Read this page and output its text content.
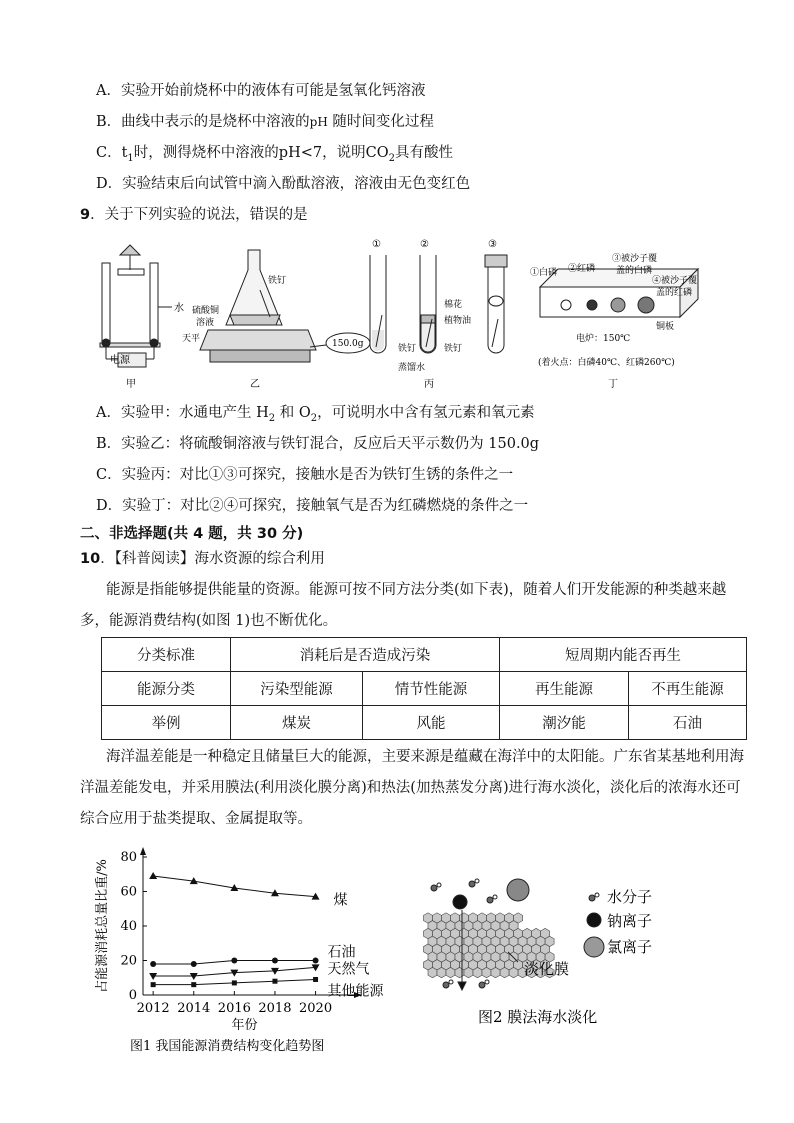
A．实验开始前烧杯中的液体有可能是氢氧化钙溶液
B．曲线中表示的是烧杯中溶液的pH 随时间变化过程
C．$t_1$时，测得烧杯中溶液的pH<7，说明$CO_2$具有酸性
D．实验结束后向试管中滴入酚酞溶液，溶液由无色变红色
9．关于下列实验的说法，错误的是
电源
水
甲
硫酸铜
溶液
铁钉
天平	150.0g
乙
①	②	③
铁钉
棉花
植物油
铁钉
蒸馏水
丙
①白磷 ②红磷
③被沙子覆
盖的白磷
④被沙子覆
盖的红磷
铜板
电炉：150℃
(着火点：白磷40℃、红磷260℃)
丁
A．实验甲：水通电产生 $H_2$ 和 $O_2$，可说明水中含有氢元素和氧元素
B．实验乙：将硫酸铜溶液与铁钉混合，反应后天平示数仍为 150.0g
C．实验丙：对比①③可探究，接触水是否为铁钉生锈的条件之一
D．实验丁：对比②④可探究，接触氧气是否为红磷燃烧的条件之一
二、非选择题(共 4 题，共 30 分)
10．【科普阅读】海水资源的综合利用
能源是指能够提供能量的资源。能源可按不同方法分类(如下表)，随着人们开发能源的种类越来越
多，能源消费结构(如图 1)也不断优化。
分类标准	消耗后是否造成污染		短周期内能否再生	
能源分类	污染型能源	情节性能源	再生能源	不再生能源
举例	煤炭	风能	潮汐能	石油
海洋温差能是一种稳定且储量巨大的能源，主要来源是蕴藏在海洋中的太阳能。广东省某基地利用海
洋温差能发电，并采用膜法(利用淡化膜分离)和热法(加热蒸发分离)进行海水淡化，淡化后的浓海水还可
综合应用于盐类提取、金属提取等。
0
20
40
60
80
2012 2014 2016 2018 2020
占能源消耗总量比重/%
年份
图1 我国能源消费结构变化趋势图
煤
石油
天然气
其他能源
水分子
钠离子
氯离子
淡化膜
图2 膜法海水淡化
